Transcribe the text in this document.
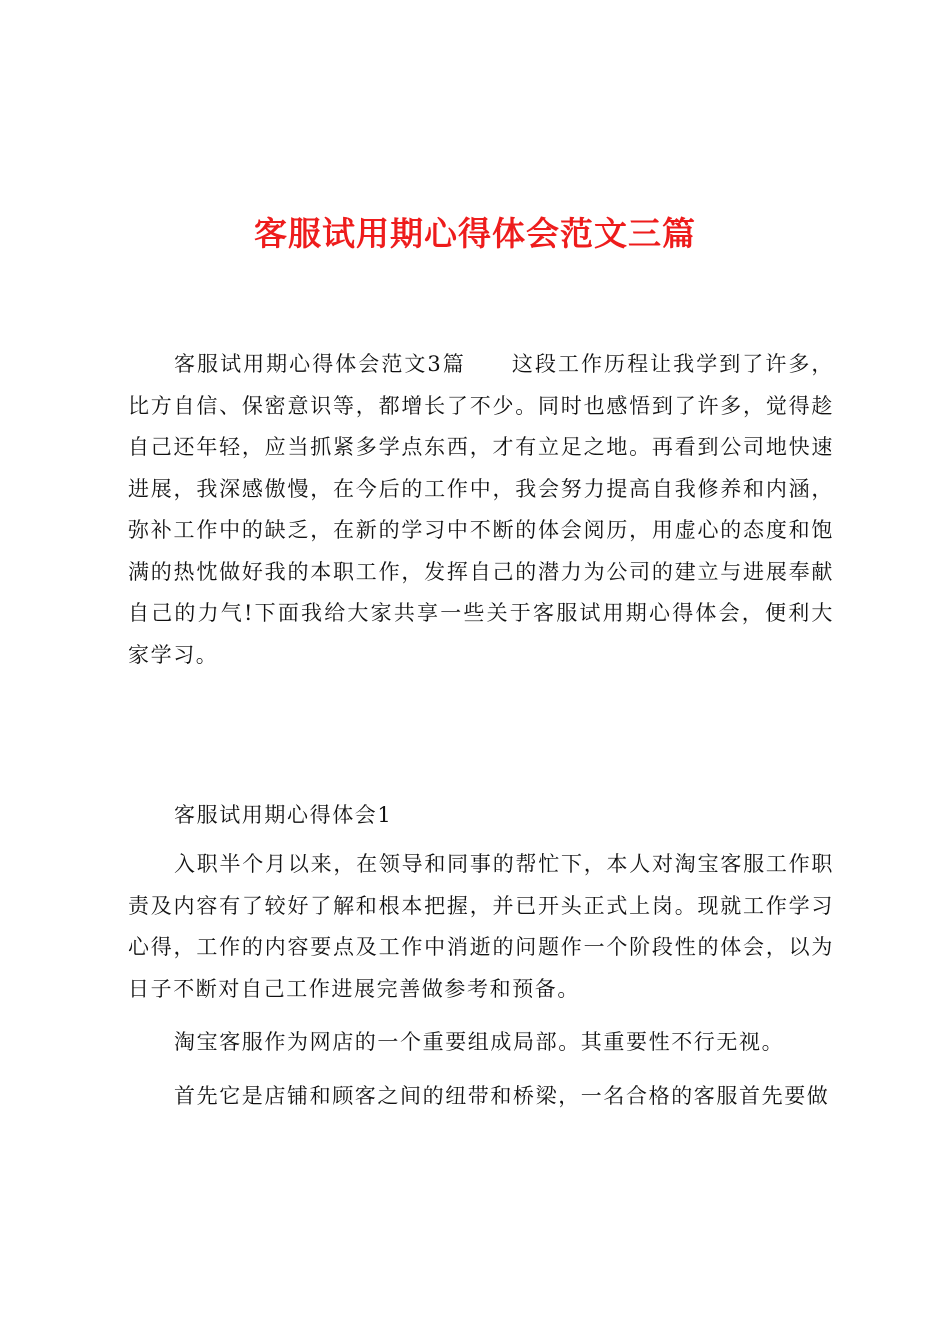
客服试用期心得体会范文三篇

客服试用期心得体会范文3篇　　这段工作历程让我学到了许多，比方自信、保密意识等，都增长了不少。同时也感悟到了许多，觉得趁自己还年轻，应当抓紧多学点东西，才有立足之地。再看到公司地快速进展，我深感傲慢，在今后的工作中，我会努力提高自我修养和内涵，弥补工作中的缺乏，在新的学习中不断的体会阅历，用虚心的态度和饱满的热忱做好我的本职工作，发挥自己的潜力为公司的建立与进展奉献自己的力气!下面我给大家共享一些关于客服试用期心得体会，便利大家学习。

客服试用期心得体会1

入职半个月以来，在领导和同事的帮忙下，本人对淘宝客服工作职责及内容有了较好了解和根本把握，并已开头正式上岗。现就工作学习心得，工作的内容要点及工作中消逝的问题作一个阶段性的体会，以为日子不断对自己工作进展完善做参考和预备。

淘宝客服作为网店的一个重要组成局部。其重要性不行无视。

首先它是店铺和顾客之间的纽带和桥梁，一名合格的客服首先要做
